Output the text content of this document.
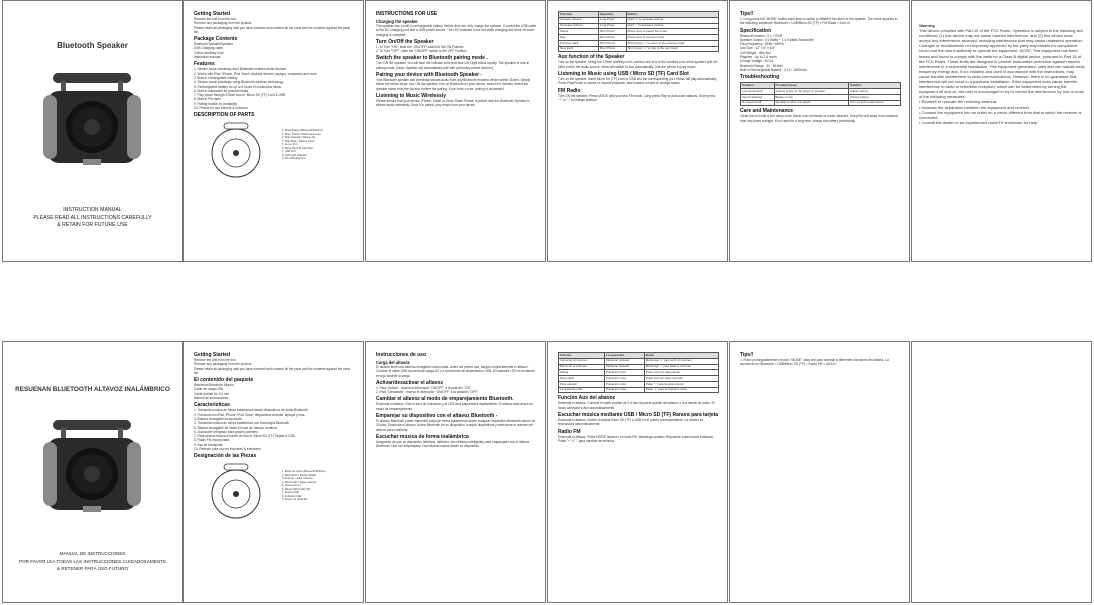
Bluetooth Speaker
INSTRUCTION MANUAL
PLEASE READ ALL INSTRUCTIONS CAREFULLY
& RETAIN FOR FUTURE USE
Getting Started
Remove the unit from the box.
Remove any packaging from the product.
Please retain all packaging until you have checked and counted all the parts and the contents against the parts list.
Package Contents
Bluetooth Speaker/Speaker
USB Charging cable
3.5mm auxiliary cord
Instruction manual
Features
1. Stream music wirelessly from Bluetooth enabled audio devices
2. Works with iPad, iPhone, iPod Touch, Android devices, laptops, computers and more
3. Built-in rechargeable battery
4. Stream music wirelessly using Bluetooth wireless technology
5. Rechargeable battery for up to 6 hours of continuous music
6. Built-in subwoofer for powerful bass
7. Play music through 3.5mm Aux-in, Micro SD (TF) Card & USB
8. Built-in FM radio
9. Rolling handle for portability
10. Perfect for use indoors & outdoors
DESCRIPTION OF PARTS
1. Mode Button (Bluetooth/FM/Aux)
2. Play / Pause / Radio Auto-scan
3. Skip Forward / Volume Up
4. Skip Back / Volume Down
5. Aux-in Port
6. Micro SD (TF) Card Slot
7. USB Port
8. LED Light Indicator
9. DC Charging Port
INSTRUCTIONS FOR USE
Charging the speaker
The speaker has a built-in rechargeable battery. Before first use, fully charge the speaker. Connect the USB cable to the DC charging port and a USB power source. The LED indicator turns red while charging and turns off when charging is complete.
Turn On/Off the Speaker
1. To Turn "ON", slide the "ON/OFF" switch to the ON Position.
2. To Turn "OFF", slide the "ON/OFF" switch to the OFF Position.
Switch the speaker to Bluetooth pairing mode .
Turn ON the speaker. You will hear the indicator tone and blue LED light blinks rapidly. The speaker is now in pairing mode. (Note: Speaker will automatically pair with previously paired devices)
Pairing your device with Bluetooth Speaker -
Your Bluetooth speaker can wirelessly stream audio from any Bluetooth enabled device within 33 feet. Simply follow the below steps: turn ON the speaker, turn on Bluetooth on your device, search for devices, select the speaker name from the list and confirm the pairing. If you hear a tone, pairing is successful.
Listening to Music Wirelessly
Please ensure that your device (Phone, Tablet or Other Smart Phone) is paired with the Bluetooth Speaker to stream audio wirelessly. Once it is paired, play music from your device.
Function	Operation	Button
Increase Volume	Long Press	Hold "+" to increase volume
Decrease Volume	Long Press	Hold "-" to decrease volume
Pause	Short Press	Press once to pause the music
Play	Short Press	Press once to resume music
Previous track	Short Press	Short press "-" to return to the previous track
Next track	Short Press	Short press "+" to skip to the next track
Aux function of the Speaker
Turn on the speaker. Using the 3.5mm auxiliary cord, connect one end to the auxiliary port of the speaker and the other end to the audio source. Mode will switch to Aux automatically. Use the device to play music.
Listening to Music using USB / Micro SD (TF) Card Slot
Turn on the speaker. Insert Micro SD (TF) Card or USB into the corresponding port. Music will play automatically. Press Play/Pause to pause or resume playback, skip forward or back to change tracks.
FM Radio
Turn ON the speaker. Press MODE until you hear FM mode. Long press Play to auto-scan stations. Short press "+" or "-" to change stations.
Tips!!
1. Long press the "MODE" button each time to switch to different functions of the speaker. The mode appears in the following sequence: Bluetooth > USB/Micro SD (TF) > FM Radio > AUX-in.
Specification
Bluetooth version : 2.1 + EDR
Speaker Output : 3 x Watts + 1 x 5 Watts Subwoofer
Freq Frequency : 85Hz~18KHz
Unit Size : 12" x 6" x 8.5"
Cell Weight : 4lbs 6oz
Playtime : Up to 2-6 hours
Charge Voltage : 5V/1A
Bluetooth Range : 33 - 66 feet
Built in Rechargeable Battery : 3.7V / 1800mAh
Troubleshooting
Problem	Possible Cause	Solution
Low sound level	Volume is low on the player or speaker	Adjust volume
Sound distorted	Battery is low	Charge battery
No sound at all	Speaker is off or not paired	Turn on and re-pair device
Care and Maintenance
Clean the unit with a soft damp cloth. Never use chemicals or harsh cleaners. Keep the unit away from moisture, heat and direct sunlight. If not used for a long time, charge the battery periodically.
Warning
This device complies with Part 15 of the FCC Rules. Operation is subject to the following two conditions: (1) this device may not cause harmful interference, and (2) this device must accept any interference received, including interference that may cause undesired operation. Changes or modifications not expressly approved by the party responsible for compliance could void the user's authority to operate the equipment. NOTE: This equipment has been tested and found to comply with the limits for a Class B digital device, pursuant to Part 15 of the FCC Rules. These limits are designed to provide reasonable protection against harmful interference in a residential installation. This equipment generates, uses and can radiate radio frequency energy and, if not installed and used in accordance with the instructions, may cause harmful interference to radio communications. However, there is no guarantee that interference will not occur in a particular installation. If this equipment does cause harmful interference to radio or television reception, which can be determined by turning the equipment off and on, the user is encouraged to try to correct the interference by one or more of the following measures:
• Reorient or relocate the receiving antenna.
• Increase the separation between the equipment and receiver.
• Connect the equipment into an outlet on a circuit different from that to which the receiver is connected.
• Consult the dealer or an experienced radio/TV technician for help.
RESUENAN BLUETOOTH ALTAVOZ INALÁMBRICO
MANUAL DE INSTRUCCIONES
POR FAVOR LEA TODAS LAS INSTRUCCIONES CUIDADOSAMENTE
& RETENER PARA USO FUTURO
Getting Started
Remove the unit from the box.
Remove any packaging from the product.
Please retain all packaging until you have checked and counted all the parts and the contents against the parts list.
El contenido del paquete
Resuenan Bluetooth Altavoz
Cable de carga USB
Cable auxiliar de 3,5 mm
Manual de instrucciones
Características
1. Transmita música de forma inalámbrica desde dispositivos de audio Bluetooth
2. Funciona con iPad, iPhone, iPod Touch, dispositivos Android, laptops y más
3. Batería recargable incorporada
4. Transmita música de forma inalámbrica con tecnología Bluetooth
5. Batería recargable de hasta 6 horas de música continua
6. Subwoofer integrado para graves potentes
7. Reproduzca música a través de Aux-in, Micro SD (TF) Tarjeta & USB
8. Radio FM incorporada
9. Asa de transporte
10. Perfecto para uso en interiores & exteriores
Designación de las Piezas
1. Botón de modo (Bluetooth/FM/Aux)
2. Reproducir / Pausa / Radio
3. Avanzar / Subir volumen
4. Retroceder / Bajar volumen
5. Puerto Aux-in
6. Ranura Micro SD (TF)
7. Puerto USB
8. Indicador LED
9. Puerto de carga DC
Instrucciones de uso
Carga del altavoz
El altavoz tiene una batería recargable incorporada. Antes del primer uso, cargue completamente el altavoz. Conecte el cable USB al puerto de carga DC y a una fuente de alimentación USB. El indicador LED se enciende en rojo durante la carga.
Activar/desactivar el altavoz
1. Para "Activar", mueva el interruptor "ON/OFF" a la posición "ON".
2. Para "Desactivar", mueva el interruptor "ON/OFF" a la posición "OFF".
Cambiar el altavoz al modo de emparejamiento Bluetooth.
Encienda el altavoz. Oirá el tono de indicación y el LED azul parpadeará rápidamente. El altavoz está ahora en modo de emparejamiento.
Emparejar su dispositivo con el altavoz Bluetooth -
El altavoz Bluetooth puede transmitir audio de forma inalámbrica desde cualquier dispositivo Bluetooth dentro de 33 pies. Encienda el altavoz, active Bluetooth en su dispositivo, busque dispositivos y seleccione el nombre del altavoz para confirmar.
Escuchar música de forma inalámbrica
Asegúrese de que su dispositivo (teléfono, tableta u otro teléfono inteligente) esté emparejado con el altavoz Bluetooth. Una vez emparejado, reproduzca música desde su dispositivo.
Función	La operación	Botón
Aumentar el volumen	Mantener pulsado	Mantenga "+" para subir el volumen
Disminuir el volumen	Mantener pulsado	Mantenga "-" para bajar el volumen
Pausa	Pulsación corta	Pulse una vez para pausar
Reproducir	Pulsación corta	Pulse una vez para reanudar
Pista anterior	Pulsación corta	Pulse "-" para la pista anterior
La siguiente pista	Pulsación corta	Pulse "+" para la siguiente pista
Función Aux del altavoz
Encienda el altavoz. Conecte el cable auxiliar de 3,5 mm al puerto auxiliar del altavoz y a la fuente de audio. El modo cambiará a Aux automáticamente.
Escuchar música mediante USB / Micro SD (TF) Ranura para tarjeta
Encienda el altavoz. Inserte la tarjeta Micro SD (TF) o USB en el puerto correspondiente. La música se reproducirá automáticamente.
Radio FM
Encienda el altavoz. Pulse MODE hasta oír el modo FM. Mantenga pulsado Reproducir para buscar emisoras. Pulse "+" o "-" para cambiar de emisora.
Tips!!
1. Pulse prolongadamente el botón "MODE" cada vez para cambiar a diferentes funciones del altavoz. La secuencia es: Bluetooth > USB/Micro SD (TF) > Radio FM > AUX-in.
